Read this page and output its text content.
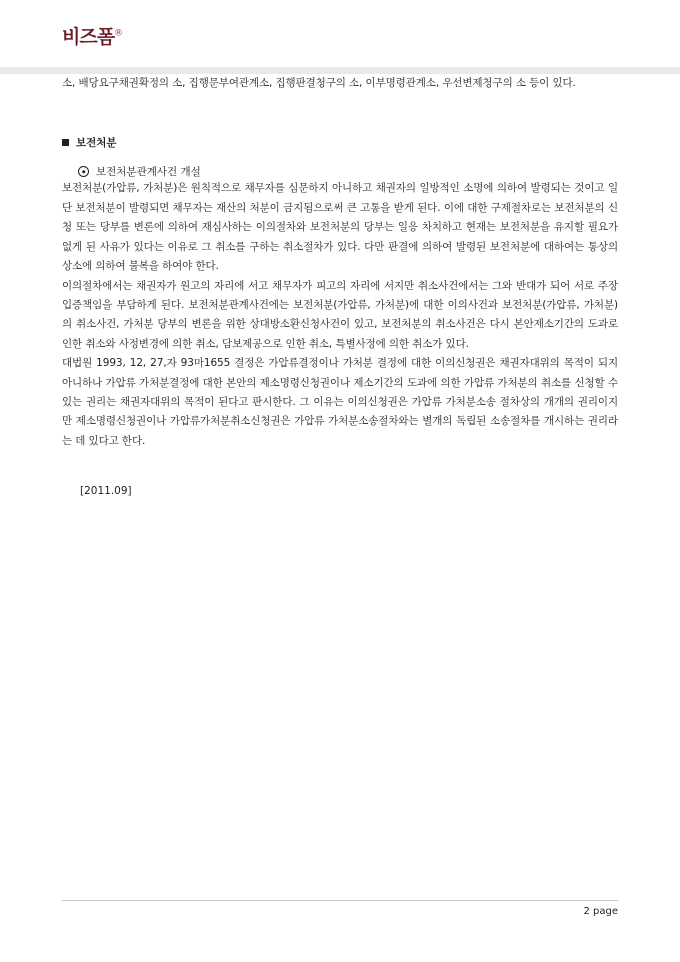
비즈폼®

소, 배당요구채권확정의 소, 집행문부여관계소, 집행판결청구의 소, 이부명령관계소, 우선변제청구의 소 등이 있다.

보전처분
보전처분관계사건 개설

보전처분(가압류, 가처분)은 원칙적으로 채무자를 심문하지 아니하고 채권자의 일방적인 소명에 의하여 발령되는 것이고 일단 보전처분이 발령되면 채무자는 재산의 처분이 금지됨으로써 큰 고통을 받게 된다. 이에 대한 구제절차로는 보전처분의 신청 또는 당부를 변론에 의하여 재심사하는 이의절차와 보전처분의 당부는 일응 차치하고 현재는 보전처분을 유지할 필요가 없게 된 사유가 있다는 이유로 그 취소를 구하는 취소절차가 있다. 다만 판결에 의하여 발령된 보전처분에 대하여는 통상의 상소에 의하여 불복을 하여야 한다.

이의절차에서는 채권자가 원고의 자리에 서고 채무자가 피고의 자리에 서지만 취소사건에서는 그와 반대가 되어 서로 주장입증책임을 부담하게 된다. 보전처분관계사건에는 보전처분(가압류, 가처분)에 대한 이의사건과 보전처분(가압류, 가처분)의 취소사건, 가처분 당부의 변론을 위한 상대방소환신청사건이 있고, 보전처분의 취소사건은 다시 본안제소기간의 도과로 인한 취소와 사정변경에 의한 취소, 담보제공으로 인한 취소, 특별사정에 의한 취소가 있다.

대법원 1993, 12, 27,자 93마1655 결정은 가압류결정이나 가처분 결정에 대한 이의신청권은 채권자대위의 목적이 되지 아니하나 가압류 가처분결정에 대한 본안의 제소명령신청권이나 제소기간의 도과에 의한 가압류 가처분의 취소를 신청할 수 있는 권리는 채권자대위의 목적이 된다고 판시한다. 그 이유는 이의신청권은 가압류 가처분소송 절차상의 개개의 권리이지만 제소명령신청권이나 가압류가처분취소신청권은 가압류 가처분소송절차와는 별개의 독립된 소송절차를 개시하는 권리라는 데 있다고 한다.

[2011.09]
2 page
